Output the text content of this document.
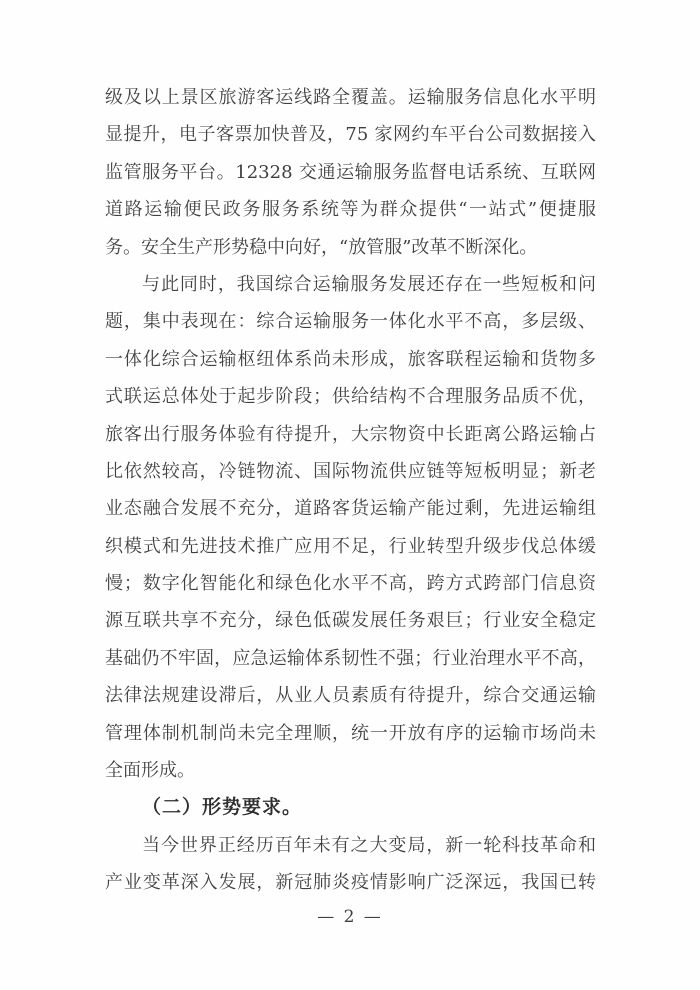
级及以上景区旅游客运线路全覆盖。运输服务信息化水平明
显提升，电子客票加快普及，75 家网约车平台公司数据接入
监管服务平台。12328 交通运输服务监督电话系统、互联网
道路运输便民政务服务系统等为群众提供“一站式”便捷服
务。安全生产形势稳中向好，“放管服”改革不断深化。
与此同时，我国综合运输服务发展还存在一些短板和问
题，集中表现在：综合运输服务一体化水平不高，多层级、
一体化综合运输枢纽体系尚未形成，旅客联程运输和货物多
式联运总体处于起步阶段；供给结构不合理服务品质不优，
旅客出行服务体验有待提升，大宗物资中长距离公路运输占
比依然较高，冷链物流、国际物流供应链等短板明显；新老
业态融合发展不充分，道路客货运输产能过剩，先进运输组
织模式和先进技术推广应用不足，行业转型升级步伐总体缓
慢；数字化智能化和绿色化水平不高，跨方式跨部门信息资
源互联共享不充分，绿色低碳发展任务艰巨；行业安全稳定
基础仍不牢固，应急运输体系韧性不强；行业治理水平不高，
法律法规建设滞后，从业人员素质有待提升，综合交通运输
管理体制机制尚未完全理顺，统一开放有序的运输市场尚未
全面形成。
（二）形势要求。
当今世界正经历百年未有之大变局，新一轮科技革命和
产业变革深入发展，新冠肺炎疫情影响广泛深远，我国已转
— 2 —
